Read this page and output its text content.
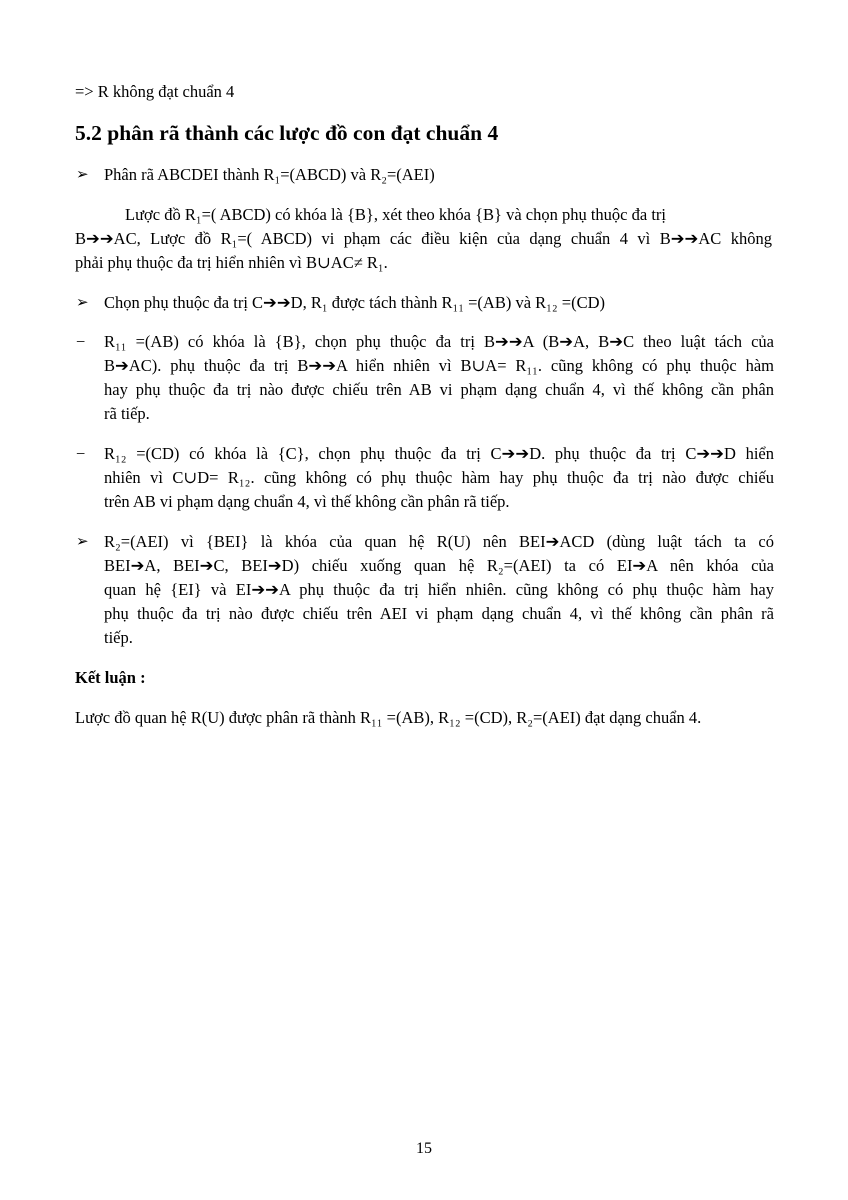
=> R không đạt chuẩn 4
5.2 phân rã thành các lược đồ con đạt chuẩn 4
➢ Phân rã ABCDEI thành R₁=(ABCD) và R₂=(AEI)
Lược đồ R₁=( ABCD) có khóa là {B}, xét theo khóa {B} và chọn phụ thuộc đa trị
B➔➔AC, Lược đồ R₁=( ABCD) vi phạm các điều kiện của dạng chuẩn 4 vì B➔➔AC không
phải phụ thuộc đa trị hiển nhiên vì B∪AC≠ R₁.
➢ Chọn phụ thuộc đa trị C➔➔D, R₁ được tách thành R₁₁ =(AB) và R₁₂ =(CD)
− R₁₁ =(AB) có khóa là {B}, chọn phụ thuộc đa trị B➔➔A (B➔A, B➔C theo luật tách của
B➔AC). phụ thuộc đa trị B➔➔A hiển nhiên vì B∪A= R₁₁. cũng không có phụ thuộc hàm
hay phụ thuộc đa trị nào được chiếu trên AB vi phạm dạng chuẩn 4, vì thế không cần phân
rã tiếp.
− R₁₂ =(CD) có khóa là {C}, chọn phụ thuộc đa trị C➔➔D. phụ thuộc đa trị C➔➔D hiển
nhiên vì C∪D= R₁₂. cũng không có phụ thuộc hàm hay phụ thuộc đa trị nào được chiếu
trên AB vi phạm dạng chuẩn 4, vì thế không cần phân rã tiếp.
➢ R₂=(AEI) vì {BEI} là khóa của quan hệ R(U) nên BEI➔ACD (dùng luật tách ta có
BEI➔A, BEI➔C, BEI➔D) chiếu xuống quan hệ R₂=(AEI) ta có EI➔A nên khóa của
quan hệ {EI} và EI➔➔A phụ thuộc đa trị hiển nhiên. cũng không có phụ thuộc hàm hay
phụ thuộc đa trị nào được chiếu trên AEI vi phạm dạng chuẩn 4, vì thế không cần phân rã
tiếp.
Kết luận :
Lược đồ quan hệ R(U) được phân rã thành R₁₁ =(AB), R₁₂ =(CD), R₂=(AEI) đạt dạng chuẩn 4.
15
